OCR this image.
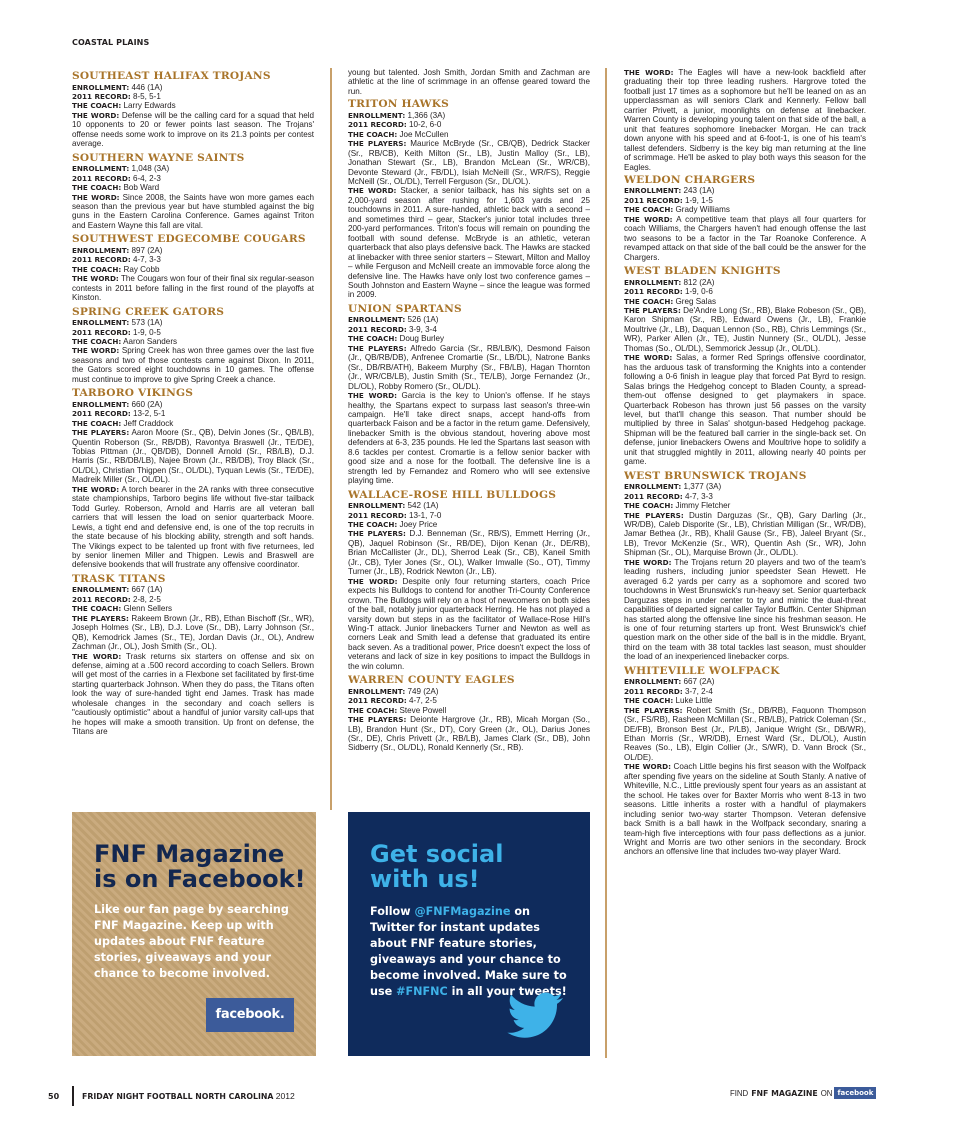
COASTAL PLAINS
SOUTHEAST HALIFAX TROJANS

ENROLLMENT: 446 (1A)

2011 RECORD: 8-5, 5-1

THE COACH: Larry Edwards

THE WORD: Defense will be the calling card for a squad that held 10 opponents to 20 or fewer points last season. The Trojans' offense needs some work to improve on its 21.3 points per contest average.

SOUTHERN WAYNE SAINTS

ENROLLMENT: 1,048 (3A)

2011 RECORD: 6-4, 2-3

THE COACH: Bob Ward

THE WORD: Since 2008, the Saints have won more games each season than the previous year but have stumbled against the big guns in the Eastern Carolina Conference. Games against Triton and Eastern Wayne this fall are vital.

SOUTHWEST EDGECOMBE COUGARS

ENROLLMENT: 897 (2A)

2011 RECORD: 4-7, 3-3

THE COACH: Ray Cobb

THE WORD: The Cougars won four of their final six regular-season contests in 2011 before falling in the first round of the playoffs at Kinston.

SPRING CREEK GATORS

ENROLLMENT: 573 (1A)

2011 RECORD: 1-9, 0-5

THE COACH: Aaron Sanders

THE WORD: Spring Creek has won three games over the last five seasons and two of those contests came against Dixon. In 2011, the Gators scored eight touchdowns in 10 games. The offense must continue to improve to give Spring Creek a chance.

TARBORO VIKINGS

ENROLLMENT: 660 (2A)

2011 RECORD: 13-2, 5-1

THE COACH: Jeff Craddock

THE PLAYERS: Aaron Moore (Sr., QB), Delvin Jones (Sr., QB/LB), Quentin Roberson (Sr., RB/DB), Ravontya Braswell (Jr., TE/DE), Tobias Pittman (Jr., QB/DB), Donnell Arnold (Sr., RB/LB), D.J. Harris (Sr., RB/DB/LB), Najee Brown (Jr., RB/DB), Troy Black (Sr., OL/DL), Christian Thigpen (Sr., OL/DL), Tyquan Lewis (Sr., TE/DE), Madreik Miller (Sr., OL/DL).

THE WORD: A torch bearer in the 2A ranks with three consecutive state championships, Tarboro begins life without five-star tailback Todd Gurley. Roberson, Arnold and Harris are all veteran ball carriers that will lessen the load on senior quarterback Moore. Lewis, a tight end and defensive end, is one of the top recruits in the state because of his blocking ability, strength and soft hands. The Vikings expect to be talented up front with five returnees, led by senior linemen Miller and Thigpen. Lewis and Braswell are defensive bookends that will frustrate any offensive coordinator.

TRASK TITANS

ENROLLMENT: 667 (1A)

2011 RECORD: 2-8, 2-5

THE COACH: Glenn Sellers

THE PLAYERS: Rakeem Brown (Jr., RB), Ethan Bischoff (Sr., WR), Joseph Holmes (Sr., LB), D.J. Love (Sr., DB), Larry Johnson (Sr., QB), Kemodrick James (Sr., TE), Jordan Davis (Jr., OL), Andrew Zachman (Jr., OL), Josh Smith (Sr., OL).

THE WORD: Trask returns six starters on offense and six on defense, aiming at a .500 record according to coach Sellers. Brown will get most of the carries in a Flexbone set facilitated by first-time starting quarterback Johnson. When they do pass, the Titans often look the way of sure-handed tight end James. Trask has made wholesale changes in the secondary and coach sellers is "cautiously optimistic" about a handful of junior varsity call-ups that he hopes will make a smooth transition. Up front on defense, the Titans are

young but talented. Josh Smith, Jordan Smith and Zachman are athletic at the line of scrimmage in an offense geared toward the run.

TRITON HAWKS

ENROLLMENT: 1,366 (3A)

2011 RECORD: 10-2, 6-0

THE COACH: Joe McCullen

THE PLAYERS: Maurice McBryde (Sr., CB/QB), Dedrick Stacker (Sr., RB/CB), Keith Milton (Sr., LB), Justin Malloy (Sr., LB), Jonathan Stewart (Sr., LB), Brandon McLean (Sr., WR/CB), Devonte Steward (Jr., FB/DL), Isiah McNeill (Sr., WR/FS), Reggie McNeill (Sr., OL/DL), Terrell Ferguson (Sr., DL/OL).

THE WORD: Stacker, a senior tailback, has his sights set on a 2,000-yard season after rushing for 1,603 yards and 25 touchdowns in 2011. A sure-handed, athletic back with a second – and sometimes third – gear, Stacker's junior total includes three 200-yard performances. Triton's focus will remain on pounding the football with sound defense. McBryde is an athletic, veteran quarterback that also plays defensive back. The Hawks are stacked at linebacker with three senior starters – Stewart, Milton and Malloy – while Ferguson and McNeill create an immovable force along the defensive line. The Hawks have only lost two conference games – South Johnston and Eastern Wayne – since the league was formed in 2009.

UNION SPARTANS

ENROLLMENT: 526 (1A)

2011 RECORD: 3-9, 3-4

THE COACH: Doug Burley

THE PLAYERS: Alfredo Garcia (Sr., RB/LB/K), Desmond Faison (Jr., QB/RB/DB), Anfrenee Cromartie (Sr., LB/DL), Natrone Banks (Sr., DB/RB/ATH), Bakeem Murphy (Sr., FB/LB), Hagan Thornton (Jr., WR/CB/LB), Justin Smith (Sr., TE/LB), Jorge Fernandez (Jr., DL/OL), Robby Romero (Sr., OL/DL).

THE WORD: Garcia is the key to Union's offense. If he stays healthy, the Spartans expect to surpass last season's three-win campaign. He'll take direct snaps, accept hand-offs from quarterback Faison and be a factor in the return game. Defensively, linebacker Smith is the obvious standout, hovering above most defenders at 6-3, 235 pounds. He led the Spartans last season with 8.6 tackles per contest. Cromartie is a fellow senior backer with good size and a nose for the football. The defensive line is a strength led by Fernandez and Romero who will see extensive playing time.

WALLACE-ROSE HILL BULLDOGS

ENROLLMENT: 542 (1A)

2011 RECORD: 13-1, 7-0

THE COACH: Joey Price

THE PLAYERS: D.J. Benneman (Sr., RB/S), Emmett Herring (Jr., QB), Jaquel Robinson (Sr., RB/DE), Dijon Kenan (Jr., DE/RB), Brian McCallister (Jr., DL), Sherrod Leak (Sr., CB), Kaneil Smith (Jr., CB), Tyler Jones (Sr., OL), Walker Imwalle (So., OT), Timmy Turner (Jr., LB), Rodrick Newton (Jr., LB).

THE WORD: Despite only four returning starters, coach Price expects his Bulldogs to contend for another Tri-County Conference crown. The Bulldogs will rely on a host of newcomers on both sides of the ball, notably junior quarterback Herring. He has not played a varsity down but steps in as the facilitator of Wallace-Rose Hill's Wing-T attack. Junior linebackers Turner and Newton as well as corners Leak and Smith lead a defense that graduated its entire back seven. As a traditional power, Price doesn't expect the loss of veterans and lack of size in key positions to impact the Bulldogs in the win column.

WARREN COUNTY EAGLES

ENROLLMENT: 749 (2A)

2011 RECORD: 4-7, 2-5

THE COACH: Steve Powell

THE PLAYERS: Deionte Hargrove (Jr., RB), Micah Morgan (So., LB), Brandon Hunt (Sr., DT), Cory Green (Jr., OL), Darius Jones (Sr., DE), Chris Privett (Jr., RB/LB), James Clark (Sr., DB), John Sidberry (Sr., OL/DL), Ronald Kennerly (Sr., RB).

THE WORD: The Eagles will have a new-look backfield after graduating their top three leading rushers. Hargrove toted the football just 17 times as a sophomore but he'll be leaned on as an upperclassman as will seniors Clark and Kennerly. Fellow ball carrier Privett, a junior, moonlights on defense at linebacker. Warren County is developing young talent on that side of the ball, a unit that features sophomore linebacker Morgan. He can track down anyone with his speed and at 6-foot-1, is one of his team's tallest defenders. Sidberry is the key big man returning at the line of scrimmage. He'll be asked to play both ways this season for the Eagles.

WELDON CHARGERS

ENROLLMENT: 243 (1A)

2011 RECORD: 1-9, 1-5

THE COACH: Grady Williams

THE WORD: A competitive team that plays all four quarters for coach Williams, the Chargers haven't had enough offense the last two seasons to be a factor in the Tar Roanoke Conference. A revamped attack on that side of the ball could be the answer for the Chargers.

WEST BLADEN KNIGHTS

ENROLLMENT: 812 (2A)

2011 RECORD: 1-9, 0-6

THE COACH: Greg Salas

THE PLAYERS: De'Andre Long (Sr., RB), Blake Robeson (Sr., QB), Karon Shipman (Sr., RB), Edward Owens (Jr., LB), Frankie Moultrive (Jr., LB), Daquan Lennon (So., RB), Chris Lemmings (Sr., WR), Parker Allen (Jr., TE), Justin Nunnery (Sr., OL/DL), Jesse Thomas (So., OL/DL), Semmorick Jessup (Jr., OL/DL).

THE WORD: Salas, a former Red Springs offensive coordinator, has the arduous task of transforming the Knights into a contender following a 0-6 finish in league play that forced Pat Byrd to resign. Salas brings the Hedgehog concept to Bladen County, a spread-them-out offense designed to get playmakers in space. Quarterback Robeson has thrown just 56 passes on the varsity level, but that'll change this season. That number should be multiplied by three in Salas' shotgun-based Hedgehog package. Shipman will be the featured ball carrier in the single-back set. On defense, junior linebackers Owens and Moultrive hope to solidify a unit that struggled mightily in 2011, allowing nearly 40 points per game.

WEST BRUNSWICK TROJANS

ENROLLMENT: 1,377 (3A)

2011 RECORD: 4-7, 3-3

THE COACH: Jimmy Fletcher

THE PLAYERS: Dustin Darguzas (Sr., QB), Gary Darling (Jr., WR/DB), Caleb Disporite (Sr., LB), Christian Milligan (Sr., WR/DB), Jamar Bethea (Jr., RB), Khalil Gause (Sr., FB), Jaleel Bryant (Sr., LB), Trevor McKenzie (Sr., WR), Quentin Ash (Sr., WR), John Shipman (Sr., OL), Marquise Brown (Jr., OL/DL).

THE WORD: The Trojans return 20 players and two of the team's leading rushers, including junior speedster Sean Hewett. He averaged 6.2 yards per carry as a sophomore and scored two touchdowns in West Brunswick's run-heavy set. Senior quarterback Darguzas steps in under center to try and mimic the dual-threat capabilities of departed signal caller Taylor Buffkin. Center Shipman has started along the offensive line since his freshman season. He is one of four returning starters up front. West Brunswick's chief question mark on the other side of the ball is in the middle. Bryant, third on the team with 38 total tackles last season, must shoulder the load of an inexperienced linebacker corps.

WHITEVILLE WOLFPACK

ENROLLMENT: 667 (2A)

2011 RECORD: 3-7, 2-4

THE COACH: Luke Little

THE PLAYERS: Robert Smith (Sr., DB/RB), Faquonn Thompson (Sr., FS/RB), Rasheen McMillan (Sr., RB/LB), Patrick Coleman (Sr., DE/FB), Bronson Best (Jr., P/LB), Janique Wright (Sr., DB/WR), Ethan Morris (Sr., WR/DB), Ernest Ward (Sr., DL/OL), Austin Reaves (So., LB), Elgin Collier (Jr., S/WR), D. Vann Brock (Sr., OL/DE).

THE WORD: Coach Little begins his first season with the Wolfpack after spending five years on the sideline at South Stanly. A native of Whiteville, N.C., Little previously spent four years as an assistant at the school. He takes over for Baxter Morris who went 8-13 in two seasons. Little inherits a roster with a handful of playmakers including senior two-way starter Thompson. Veteran defensive back Smith is a ball hawk in the Wolfpack secondary, snaring a team-high five interceptions with four pass deflections as a junior. Wright and Morris are two other seniors in the secondary. Brock anchors an offensive line that includes two-way player Ward.

FNF Magazine
is on Facebook!
Like our fan page by searching FNF Magazine. Keep up with updates about FNF feature stories, giveaways and your chance to become involved.
facebook.
Get social
with us!
Follow @FNFMagazine on Twitter for instant updates about FNF feature stories, giveaways and your chance to become involved. Make sure to use #FNFNC in all your tweets!
50	FRIDAY NIGHT FOOTBALL NORTH CAROLINA
2012	FIND FNF MAGAZINE ON facebook
